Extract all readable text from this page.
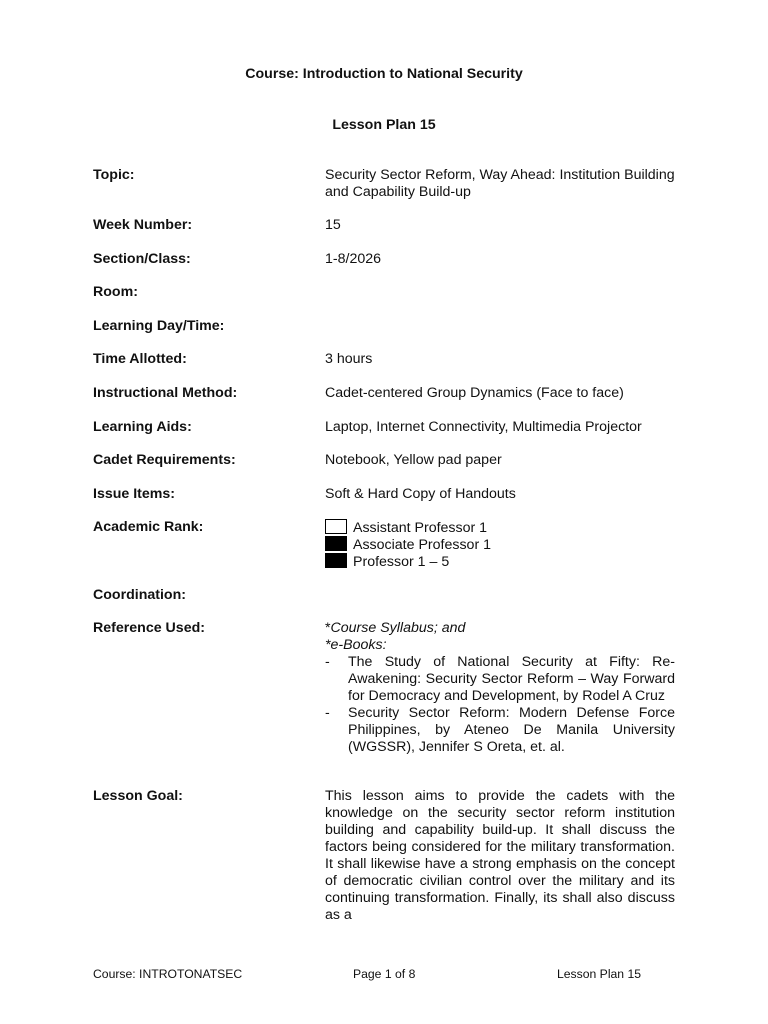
Course: Introduction to National Security
Lesson Plan 15
Topic:	Security Sector Reform, Way Ahead: Institution Building and Capability Build-up
Week Number:	15
Section/Class:	1-8/2026
Room:
Learning Day/Time:
Time Allotted:	3 hours
Instructional Method:	Cadet-centered Group Dynamics (Face to face)
Learning Aids:	Laptop, Internet Connectivity, Multimedia Projector
Cadet Requirements:	Notebook, Yellow pad paper
Issue Items:	Soft & Hard Copy of Handouts
Academic Rank:	Assistant Professor 1
Associate Professor 1
Professor 1 – 5
Coordination:
Reference Used:	*Course Syllabus; and
*e-Books:
- The Study of National Security at Fifty: Re-Awakening: Security Sector Reform – Way Forward for Democracy and Development, by Rodel A Cruz
- Security Sector Reform: Modern Defense Force Philippines, by Ateneo De Manila University (WGSSR), Jennifer S Oreta, et. al.
Lesson Goal:	This lesson aims to provide the cadets with the knowledge on the security sector reform institution building and capability build-up. It shall discuss the factors being considered for the military transformation. It shall likewise have a strong emphasis on the concept of democratic civilian control over the military and its continuing transformation. Finally, its shall also discuss as a
Course: INTROTONATSEC	Page 1 of 8	Lesson Plan 15
